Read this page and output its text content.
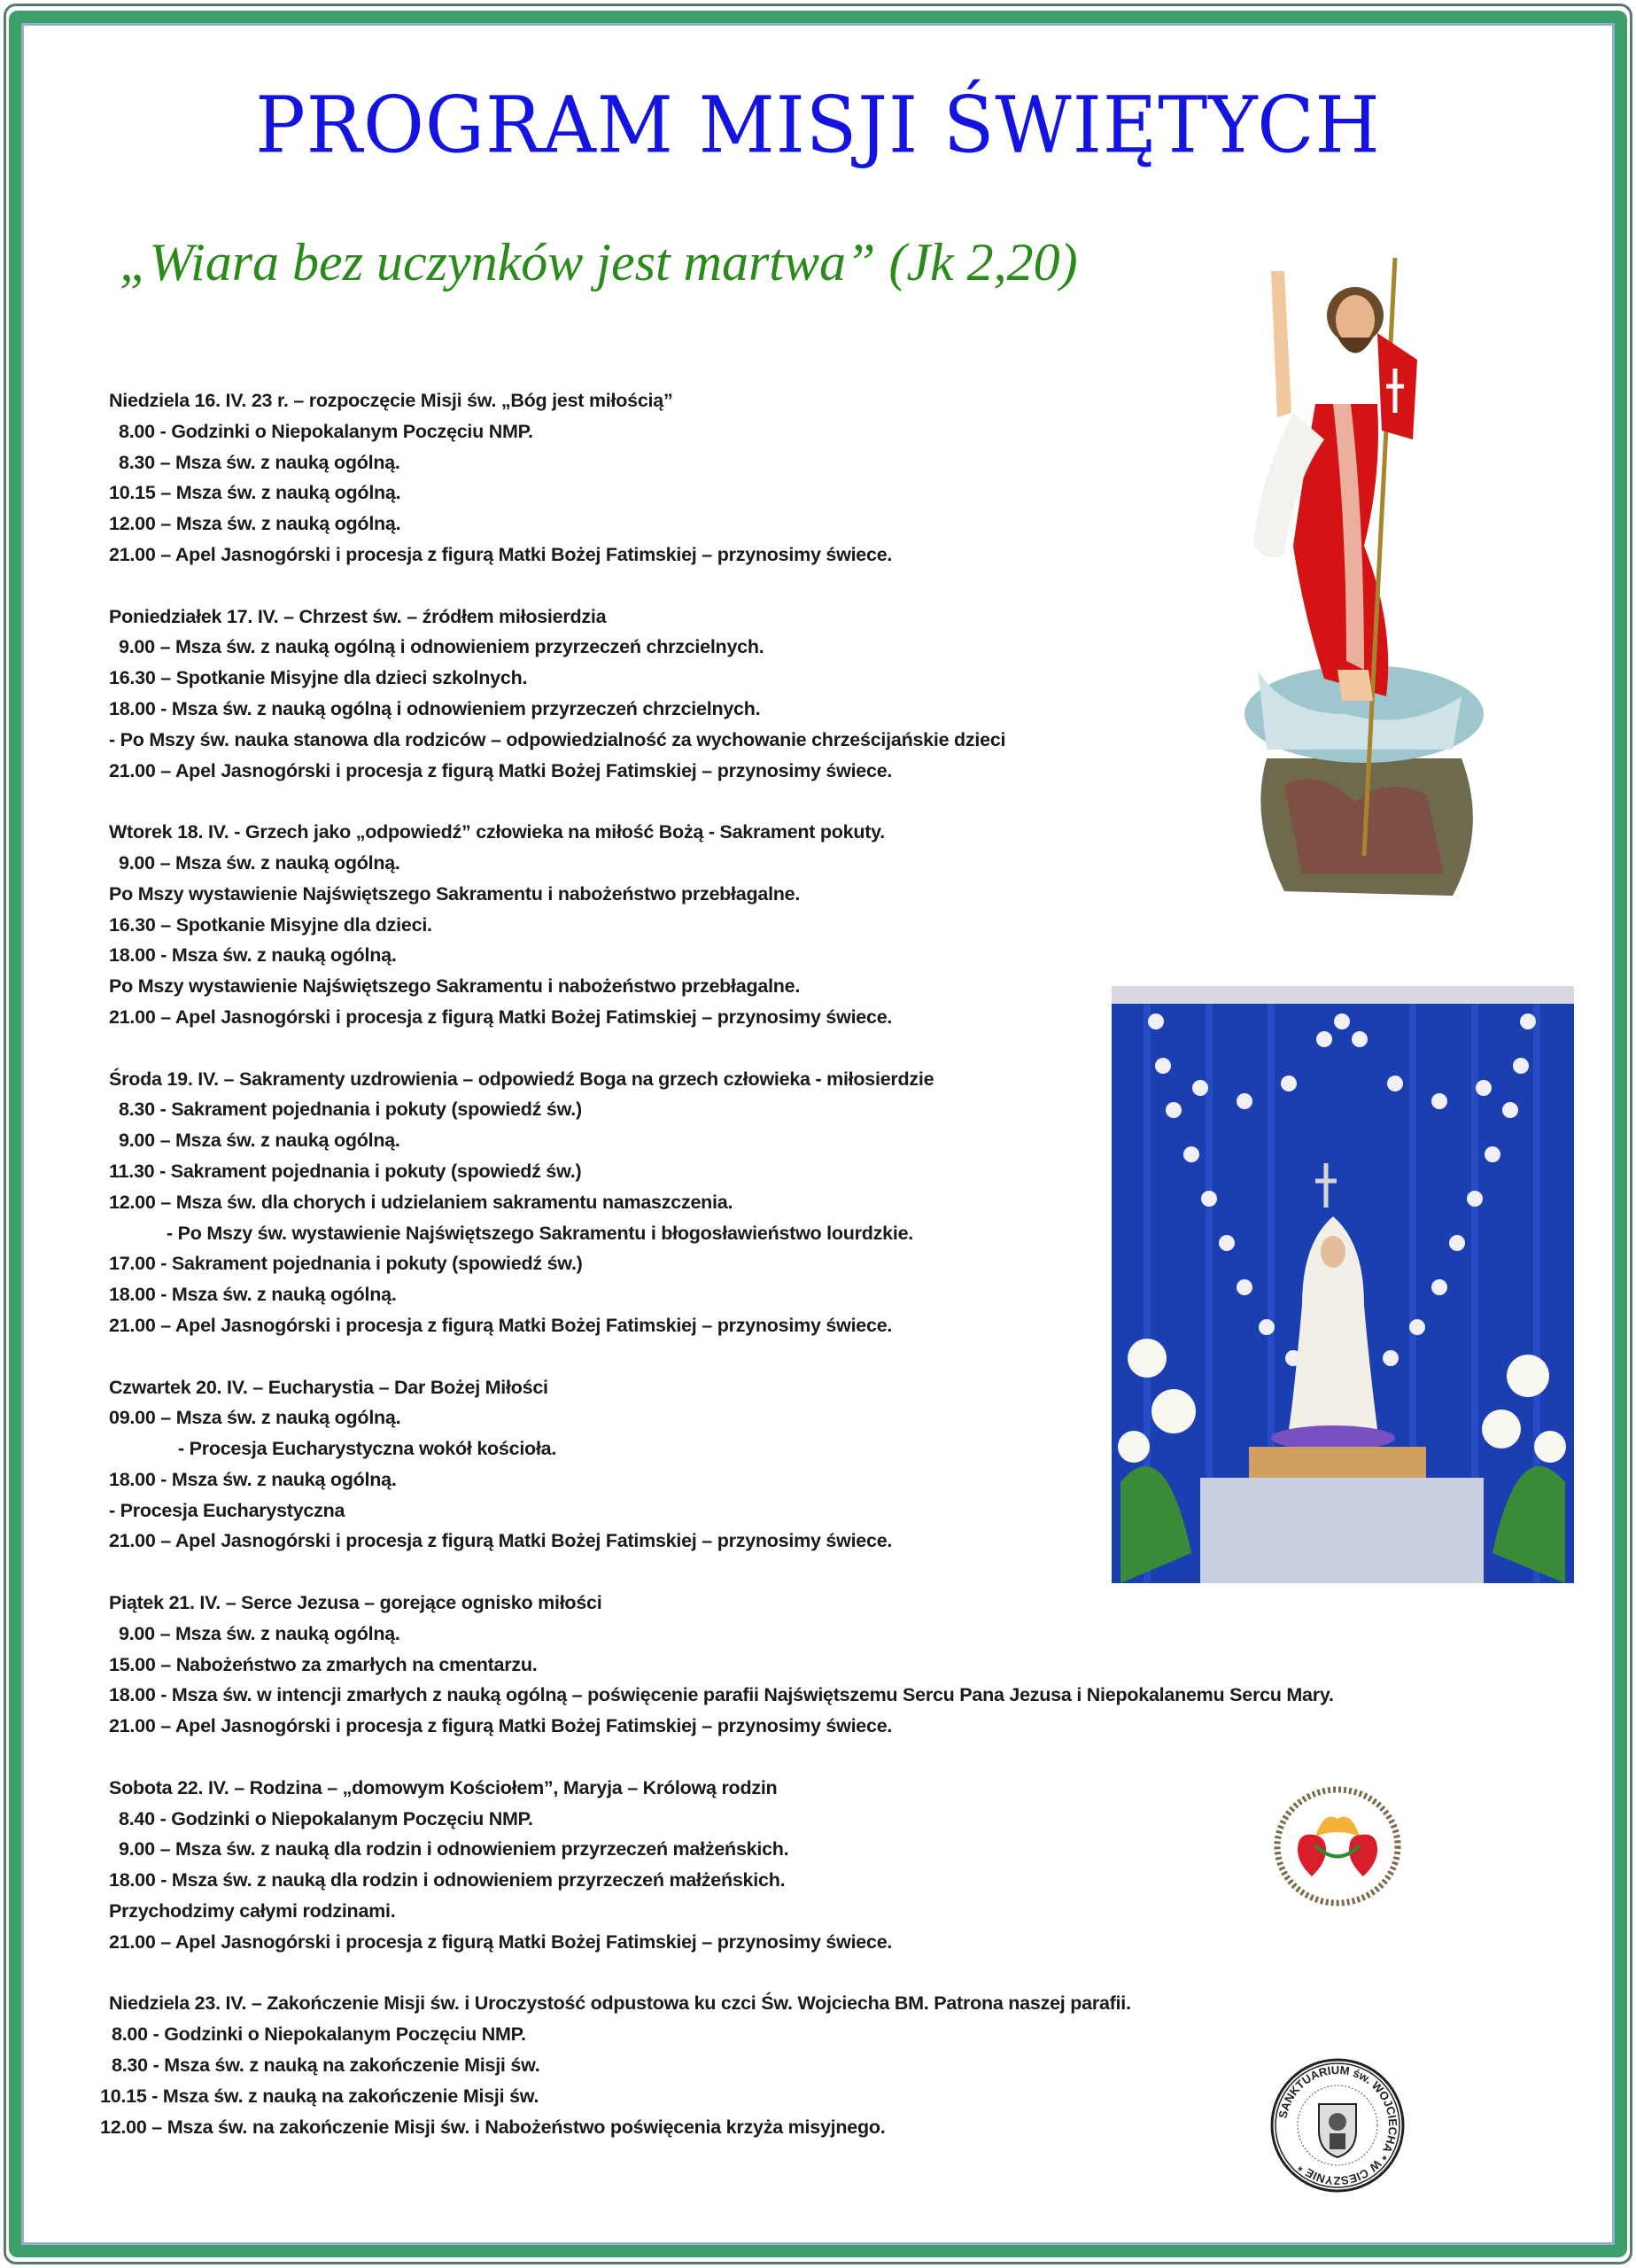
PROGRAM MISJI ŚWIĘTYCH
„Wiara bez uczynków jest martwa” (Jk 2,20)
Niedziela 16. IV. 23 r. – rozpoczęcie Misji św. „Bóg jest miłością”
8.00 - Godzinki o Niepokalanym Poczęciu NMP.
8.30 – Msza św. z nauką ogólną.
10.15 – Msza św. z nauką ogólną.
12.00 – Msza św. z nauką ogólną.
21.00 – Apel Jasnogórski i procesja z figurą Matki Bożej Fatimskiej – przynosimy świece.
Poniedziałek 17. IV. – Chrzest św. – źródłem miłosierdzia
9.00 – Msza św. z nauką ogólną i odnowieniem przyrzeczeń chrzcielnych.
16.30 – Spotkanie Misyjne dla dzieci szkolnych.
18.00 - Msza św. z nauką ogólną i odnowieniem przyrzeczeń chrzcielnych.
- Po Mszy św. nauka stanowa dla rodziców – odpowiedzialność za wychowanie chrześcijańskie dzieci
21.00 – Apel Jasnogórski i procesja z figurą Matki Bożej Fatimskiej – przynosimy świece.
Wtorek 18. IV. - Grzech jako „odpowiedź” człowieka na miłość Bożą - Sakrament pokuty.
9.00 – Msza św. z nauką ogólną.
Po Mszy wystawienie Najświętszego Sakramentu i nabożeństwo przebłagalne.
16.30 – Spotkanie Misyjne dla dzieci.
18.00 - Msza św. z nauką ogólną.
Po Mszy wystawienie Najświętszego Sakramentu i nabożeństwo przebłagalne.
21.00 – Apel Jasnogórski i procesja z figurą Matki Bożej Fatimskiej – przynosimy świece.
Środa 19. IV. – Sakramenty uzdrowienia – odpowiedź Boga na grzech człowieka - miłosierdzie
8.30 - Sakrament pojednania i pokuty (spowiedź św.)
9.00 – Msza św. z nauką ogólną.
11.30 - Sakrament pojednania i pokuty (spowiedź św.)
12.00 – Msza św. dla chorych i udzielaniem sakramentu namaszczenia.
- Po Mszy św. wystawienie Najświętszego Sakramentu i błogosławieństwo lourdzkie.
17.00 - Sakrament pojednania i pokuty (spowiedź św.)
18.00 - Msza św. z nauką ogólną.
21.00 – Apel Jasnogórski i procesja z figurą Matki Bożej Fatimskiej – przynosimy świece.
Czwartek 20. IV. – Eucharystia – Dar Bożej Miłości
09.00 – Msza św. z nauką ogólną.
- Procesja Eucharystyczna wokół kościoła.
18.00 - Msza św. z nauką ogólną.
- Procesja Eucharystyczna
21.00 – Apel Jasnogórski i procesja z figurą Matki Bożej Fatimskiej – przynosimy świece.
Piątek 21. IV. – Serce Jezusa – gorejące ognisko miłości
9.00 – Msza św. z nauką ogólną.
15.00 – Nabożeństwo za zmarłych na cmentarzu.
18.00 - Msza św. w intencji zmarłych z nauką ogólną – poświęcenie parafii Najświętszemu Sercu Pana Jezusa i Niepokalanemu Sercu Mary.
21.00 – Apel Jasnogórski i procesja z figurą Matki Bożej Fatimskiej – przynosimy świece.
Sobota 22. IV. – Rodzina – „domowym Kościołem”, Maryja – Królową rodzin
8.40 - Godzinki o Niepokalanym Poczęciu NMP.
9.00 – Msza św. z nauką dla rodzin i odnowieniem przyrzeczeń małżeńskich.
18.00 - Msza św. z nauką dla rodzin i odnowieniem przyrzeczeń małżeńskich.
Przychodzimy całymi rodzinami.
21.00 – Apel Jasnogórski i procesja z figurą Matki Bożej Fatimskiej – przynosimy świece.
Niedziela 23. IV. – Zakończenie Misji św. i Uroczystość odpustowa ku czci Św. Wojciecha BM. Patrona naszej parafii.
8.00 - Godzinki o Niepokalanym Poczęciu NMP.
8.30 - Msza św. z nauką na zakończenie Misji św.
10.15 - Msza św. z nauką na zakończenie Misji św.
12.00 – Msza św. na zakończenie Misji św. i Nabożeństwo poświęcenia krzyża misyjnego.
SANKTUARIUM św. WOJCIECHA * W CIESZYNIE *
